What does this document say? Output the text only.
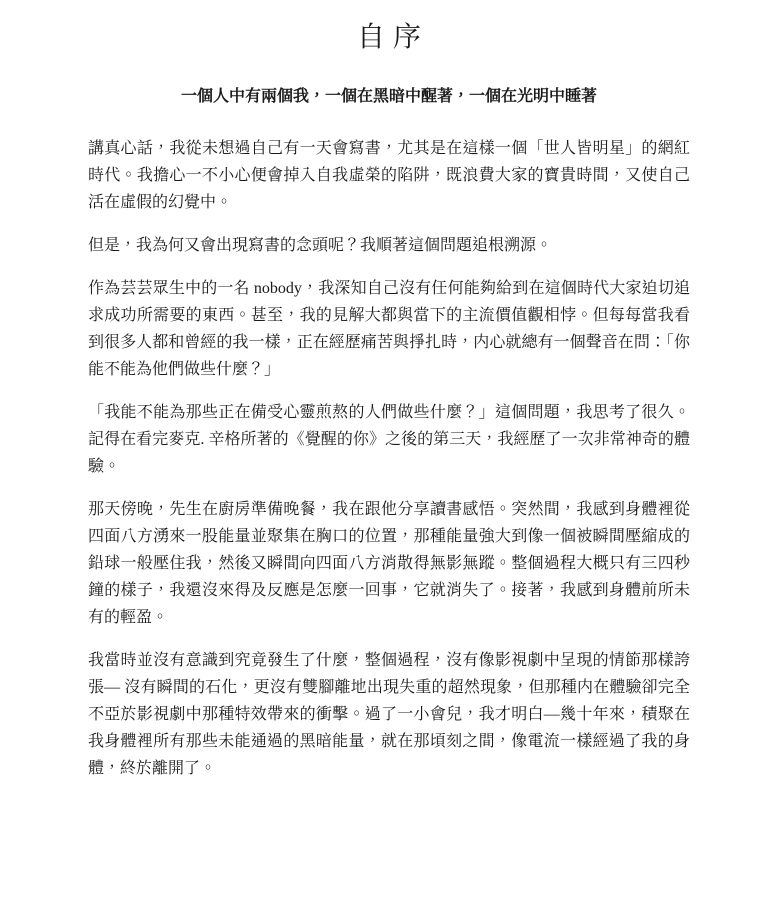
自序

一個人中有兩個我，一個在黑暗中醒著，一個在光明中睡著

講真心話，我從未想過自己有一天會寫書，尤其是在這樣一個「世人皆明星」的網紅時代。我擔心一不小心便會掉入自我虛榮的陷阱，既浪費大家的寶貴時間，又使自己活在虛假的幻覺中。

但是，我為何又會出現寫書的念頭呢？我順著這個問題追根溯源。

作為芸芸眾生中的一名 nobody，我深知自己沒有任何能夠給到在這個時代大家迫切追求成功所需要的東西。甚至，我的見解大都與當下的主流價值觀相悖。但每每當我看到很多人都和曾經的我一樣，正在經歷痛苦與掙扎時，内心就總有一個聲音在問：「你能不能為他們做些什麼？」

「我能不能為那些正在備受心靈煎熬的人們做些什麼？」這個問題，我思考了很久。記得在看完麥克. 辛格所著的《覺醒的你》之後的第三天，我經歷了一次非常神奇的體驗。

那天傍晚，先生在廚房準備晚餐，我在跟他分享讀書感悟。突然間，我感到身體裡從四面八方湧來一股能量並聚集在胸口的位置，那種能量強大到像一個被瞬間壓縮成的鉛球一般壓住我，然後又瞬間向四面八方消散得無影無蹤。整個過程大概只有三四秒鐘的樣子，我還沒來得及反應是怎麼一回事，它就消失了。接著，我感到身體前所未有的輕盈。

我當時並沒有意識到究竟發生了什麼，整個過程，沒有像影視劇中呈現的情節那樣誇張— 沒有瞬間的石化，更沒有雙腳離地出現失重的超然現象，但那種内在體驗卻完全不亞於影視劇中那種特效帶來的衝擊。過了一小會兒，我才明白—幾十年來，積聚在我身體裡所有那些未能通過的黑暗能量，就在那頃刻之間，像電流一樣經過了我的身體，終於離開了。
